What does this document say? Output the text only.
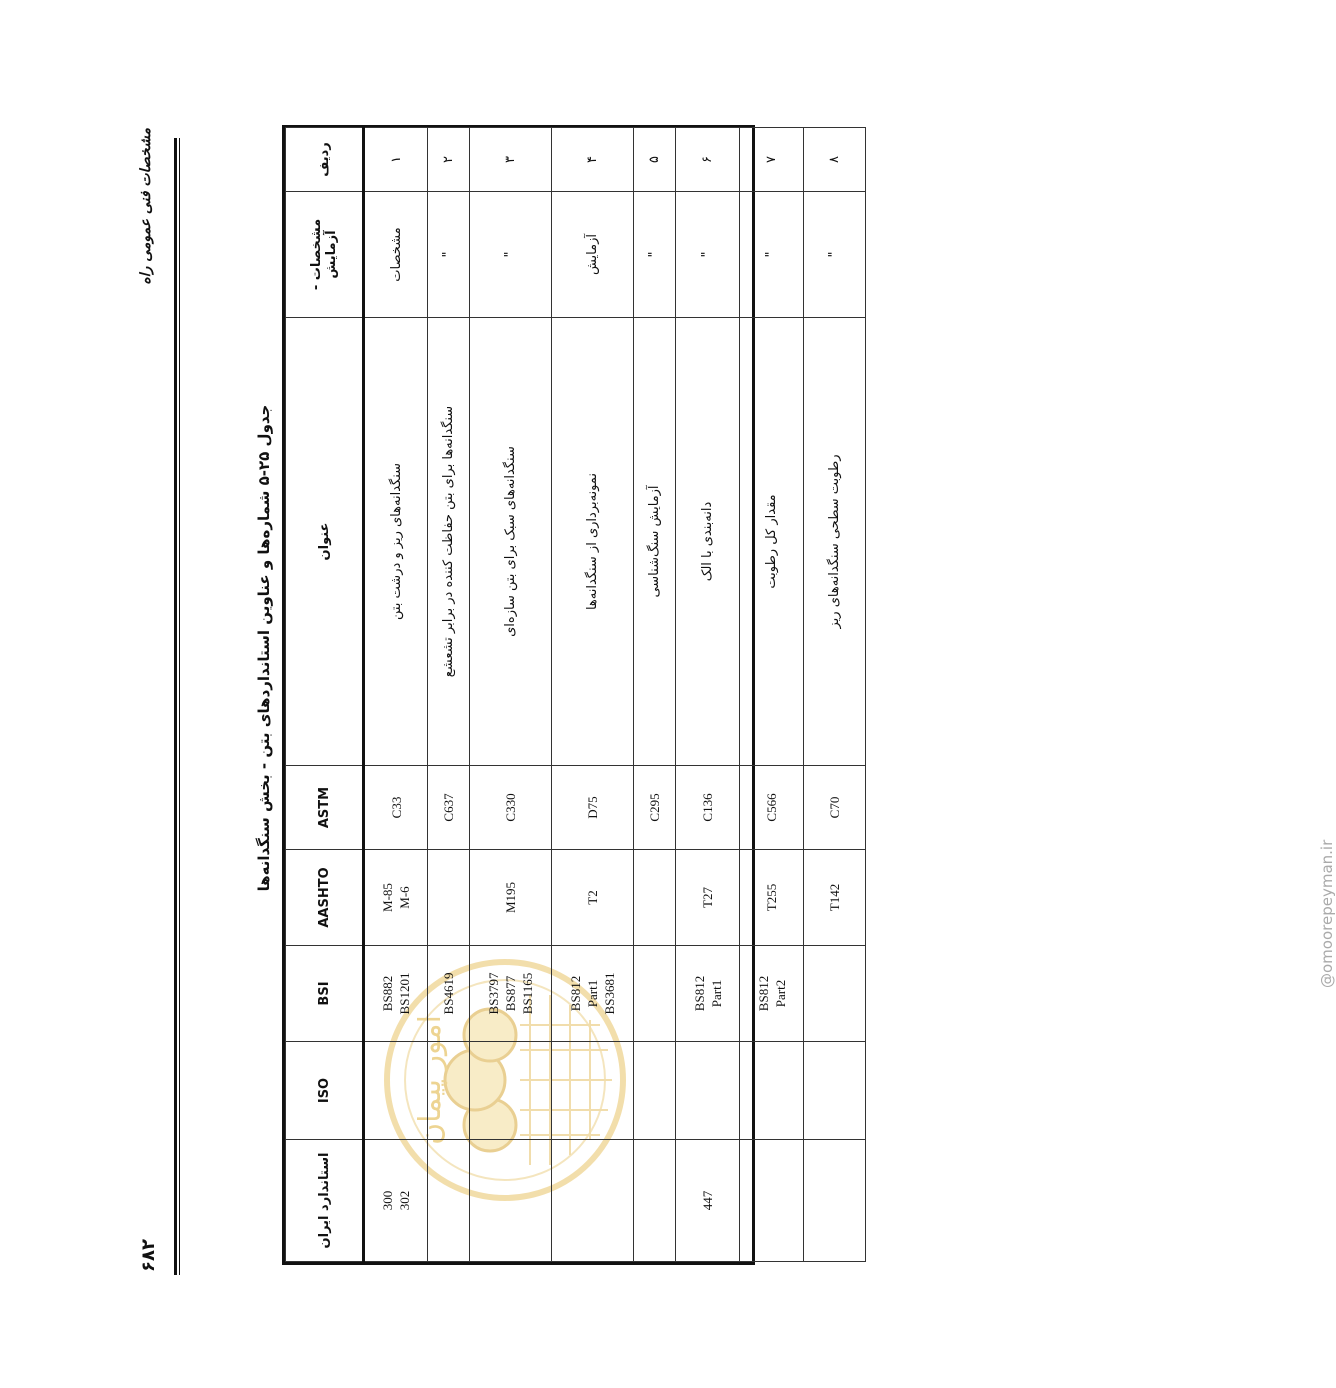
۶۸۲
مشخصات فنی عمومی راه
جدول ۲۵-۵ شماره‌ها و عناوین استانداردهای بتن - بخش سنگدانه‌ها
امور پیمان
ردیف	مشخصات - آزمایش	عنوان	ASTM	AASHTO	BSI	ISO	استاندارد ایران
۱	مشخصات	سنگدانه‌های ریز و درشت بتن	C33	M-85 M-6	BS882 BS1201		300 302

۲	"	سنگدانه‌ها برای بتن حفاظت کننده در برابر تشعشع	C637		BS4619		

۳	"	سنگدانه‌های سبک برای بتن سازه‌ای	C330	M195	BS3797 BS877 BS1165		

۴	آزمایش	نمونه‌برداری از سنگدانه‌ها	D75	T2	BS812 Part1 BS3681		

۵	"	آزمایش سنگ‌شناسی	C295				
۶	"	دانه‌بندی با الک	C136	T27	BS812 Part1		447

۷	"	مقدار کل رطوبت	C566	T255	BS812 Part2		

۸	"	رطوبت سطحی سنگدانه‌های ریز	C70	T142			

@omoorepeyman.ir
